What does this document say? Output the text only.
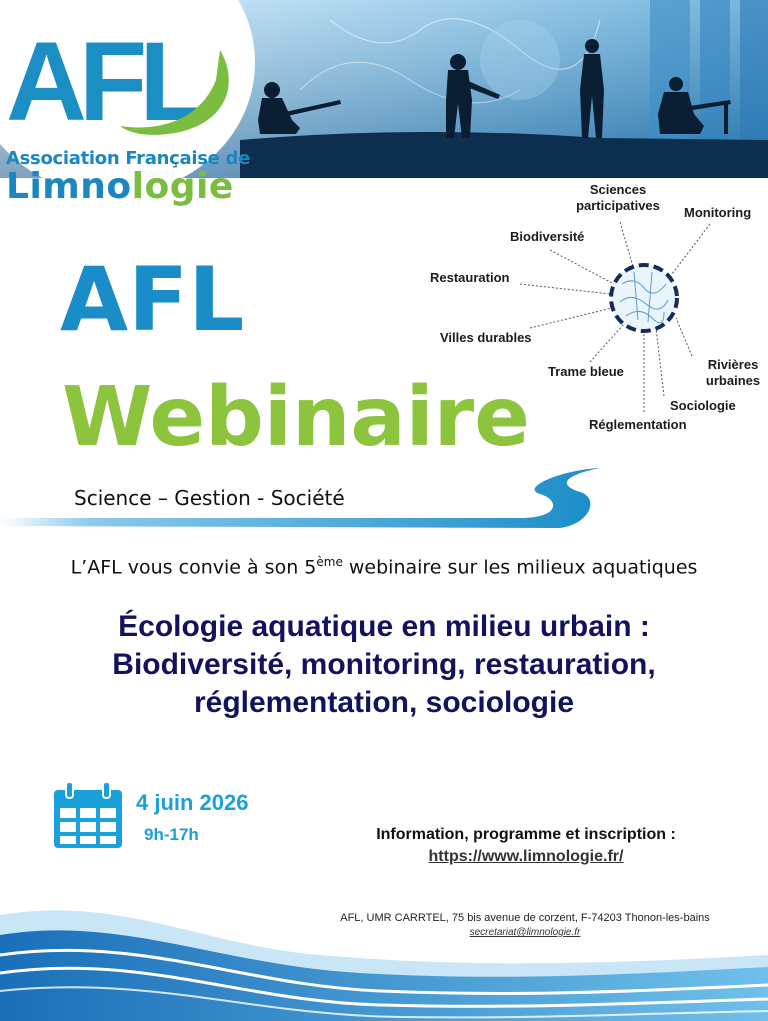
AFL
Association Française de
Limnologie
AFL
Webinaire
Science – Gestion - Société
Sciences participatives	Monitoring
Biodiversité
Restauration
Villes durables
Trame bleue	Rivières urbaines
Sociologie
Réglementation
L’AFL vous convie à son 5ème webinaire sur les milieux aquatiques
Écologie aquatique en milieu urbain :
Biodiversité, monitoring, restauration,
réglementation, sociologie
4 juin 2026
9h-17h	Information, programme et inscription :
https://www.limnologie.fr/
AFL, UMR CARRTEL, 75 bis avenue de corzent, F-74203 Thonon-les-bains
secretariat@limnologie.fr
